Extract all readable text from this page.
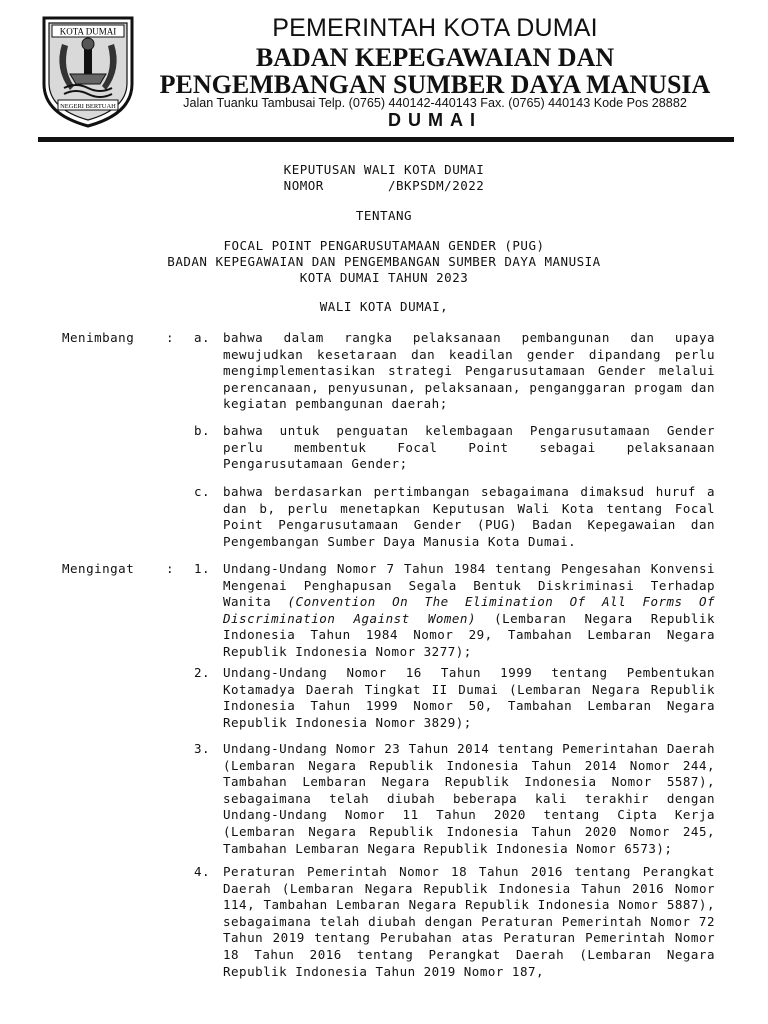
KOTA DUMAI
NEGERI BERTUAH
PEMERINTAH KOTA DUMAI
BADAN KEPEGAWAIAN DAN
PENGEMBANGAN SUMBER DAYA MANUSIA
Jalan Tuanku Tambusai Telp. (0765) 440142-440143 Fax. (0765) 440143 Kode Pos 28882
DUMAI
KEPUTUSAN WALI KOTA DUMAI
NOMOR        /BKPSDM/2022
TENTANG
FOCAL POINT PENGARUSUTAMAAN GENDER (PUG)
BADAN KEPEGAWAIAN DAN PENGEMBANGAN SUMBER DAYA MANUSIA
KOTA DUMAI TAHUN 2023
WALI KOTA DUMAI,
Menimbang	: a. bahwa dalam rangka pelaksanaan pembangunan dan upaya mewujudkan kesetaraan dan keadilan gender dipandang perlu mengimplementasikan strategi Pengarusutamaan Gender melalui perencanaan, penyusunan, pelaksanaan, penganggaran progam dan kegiatan pembangunan daerah;
b. bahwa untuk penguatan kelembagaan Pengarusutamaan Gender perlu membentuk Focal Point sebagai pelaksanaan Pengarusutamaan Gender;
c. bahwa berdasarkan pertimbangan sebagaimana dimaksud huruf a dan b, perlu menetapkan Keputusan Wali Kota tentang Focal Point Pengarusutamaan Gender (PUG) Badan Kepegawaian dan Pengembangan Sumber Daya Manusia Kota Dumai.
Mengingat	: 1. Undang-Undang Nomor 7 Tahun 1984 tentang Pengesahan Konvensi Mengenai Penghapusan Segala Bentuk Diskriminasi Terhadap Wanita (Convention On The Elimination Of All Forms Of Discrimination Against Women) (Lembaran Negara Republik Indonesia Tahun 1984 Nomor 29, Tambahan Lembaran Negara Republik Indonesia Nomor 3277);
2. Undang-Undang Nomor 16 Tahun 1999 tentang Pembentukan Kotamadya Daerah Tingkat II Dumai (Lembaran Negara Republik Indonesia Tahun 1999 Nomor 50, Tambahan Lembaran Negara Republik Indonesia Nomor 3829);
3. Undang-Undang Nomor 23 Tahun 2014 tentang Pemerintahan Daerah (Lembaran Negara Republik Indonesia Tahun 2014 Nomor 244, Tambahan Lembaran Negara Republik Indonesia Nomor 5587), sebagaimana telah diubah beberapa kali terakhir dengan Undang-Undang Nomor 11 Tahun 2020 tentang Cipta Kerja (Lembaran Negara Republik Indonesia Tahun 2020 Nomor 245, Tambahan Lembaran Negara Republik Indonesia Nomor 6573);
4. Peraturan Pemerintah Nomor 18 Tahun 2016 tentang Perangkat Daerah (Lembaran Negara Republik Indonesia Tahun 2016 Nomor 114, Tambahan Lembaran Negara Republik Indonesia Nomor 5887), sebagaimana telah diubah dengan Peraturan Pemerintah Nomor 72 Tahun 2019 tentang Perubahan atas Peraturan Pemerintah Nomor 18 Tahun 2016 tentang Perangkat Daerah (Lembaran Negara Republik Indonesia Tahun 2019 Nomor 187,
